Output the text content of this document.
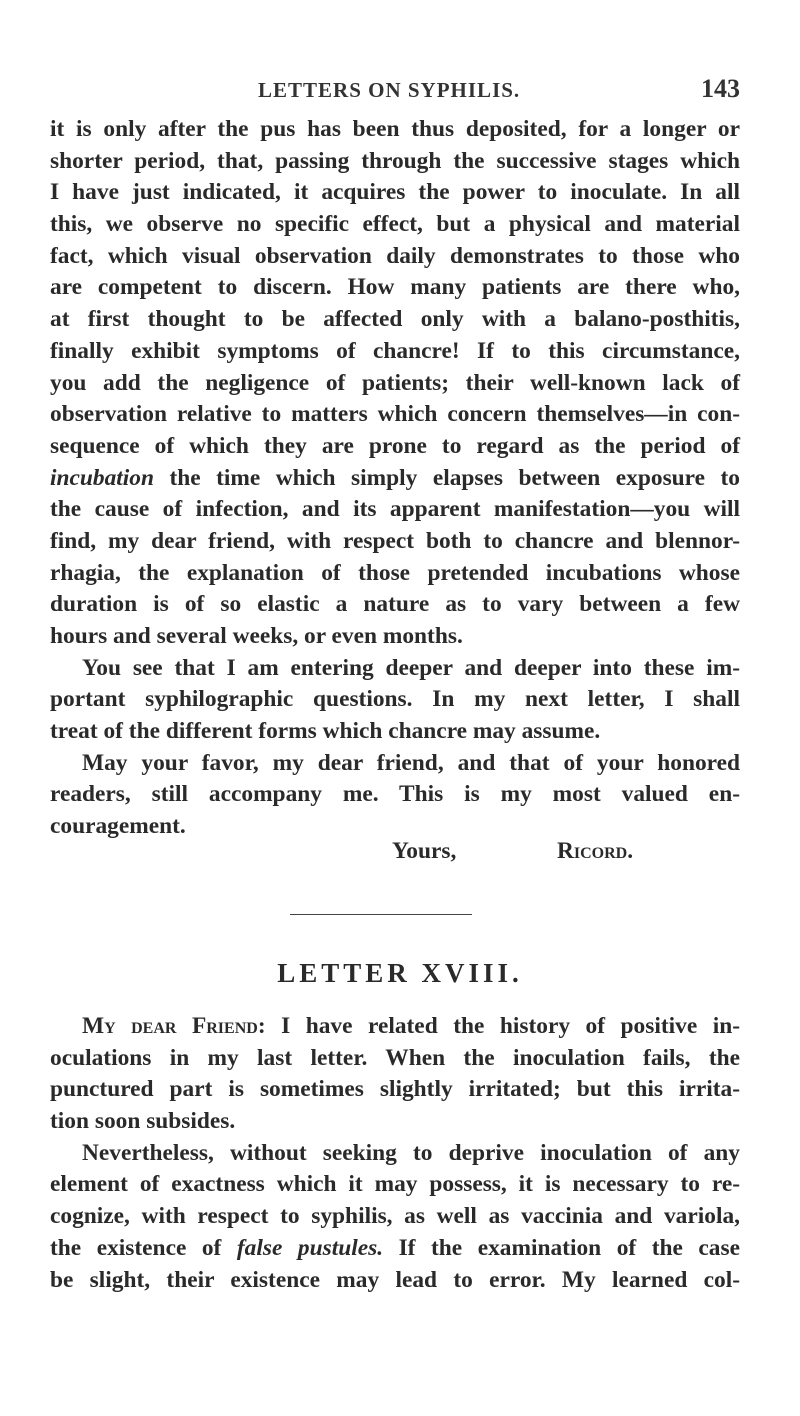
LETTERS ON SYPHILIS.	143
it is only after the pus has been thus deposited, for a longer or
shorter period, that, passing through the successive stages which
I have just indicated, it acquires the power to inoculate. In all
this, we observe no specific effect, but a physical and material
fact, which visual observation daily demonstrates to those who
are competent to discern. How many patients are there who,
at first thought to be affected only with a balano-posthitis,
finally exhibit symptoms of chancre! If to this circumstance,
you add the negligence of patients; their well-known lack of
observation relative to matters which concern themselves—in con-
sequence of which they are prone to regard as the period of
incubation the time which simply elapses between exposure to
the cause of infection, and its apparent manifestation—you will
find, my dear friend, with respect both to chancre and blennor-
rhagia, the explanation of those pretended incubations whose
duration is of so elastic a nature as to vary between a few
hours and several weeks, or even months.
You see that I am entering deeper and deeper into these im-
portant syphilographic questions. In my next letter, I shall
treat of the different forms which chancre may assume.
May your favor, my dear friend, and that of your honored
readers, still accompany me. This is my most valued en-
couragement.
Yours,	Ricord.
LETTER XVIII.
My dear Friend: I have related the history of positive in-
oculations in my last letter. When the inoculation fails, the
punctured part is sometimes slightly irritated; but this irrita-
tion soon subsides.
Nevertheless, without seeking to deprive inoculation of any
element of exactness which it may possess, it is necessary to re-
cognize, with respect to syphilis, as well as vaccinia and variola,
the existence of false pustules. If the examination of the case
be slight, their existence may lead to error. My learned col-
